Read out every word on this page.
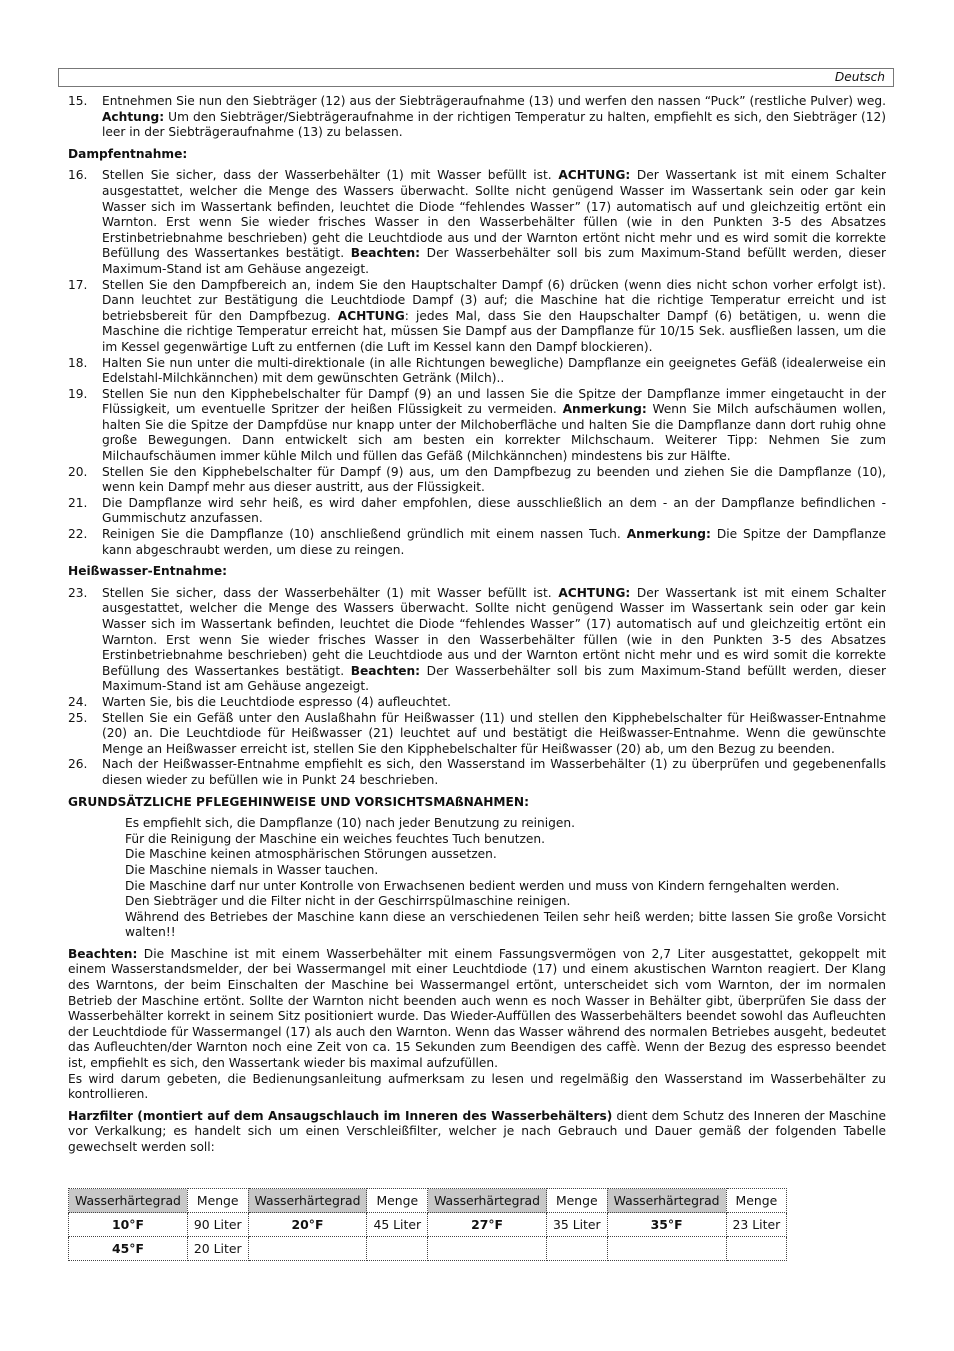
Deutsch
15.	Entnehmen Sie nun den Siebträger (12) aus der Siebträgeraufnahme (13) und werfen den nassen “Puck” (restliche Pulver) weg. Achtung: Um den Siebträger/Siebträgeraufnahme in der richtigen Temperatur zu halten, empfiehlt es sich, den Siebträger (12) leer in der Siebträgeraufnahme (13) zu belassen.
Dampfentnahme:
16.	Stellen Sie sicher, dass der Wasserbehälter (1) mit Wasser befüllt ist. ACHTUNG: Der Wassertank ist mit einem Schalter ausgestattet, welcher die Menge des Wassers überwacht. Sollte nicht genügend Wasser im Wassertank sein oder gar kein Wasser sich im Wassertank befinden, leuchtet die Diode “fehlendes Wasser” (17) automatisch auf und gleichzeitig ertönt ein Warnton. Erst wenn Sie wieder frisches Wasser in den Wasserbehälter füllen (wie in den Punkten 3-5 des Absatzes Erstinbetriebnahme beschrieben) geht die Leuchtdiode aus und der Warnton ertönt nicht mehr und es wird somit die korrekte Befüllung des Wassertankes bestätigt. Beachten: Der Wasserbehälter soll bis zum Maximum-Stand befüllt werden, dieser Maximum-Stand ist am Gehäuse angezeigt.
17.	Stellen Sie den Dampfbereich an, indem Sie den Hauptschalter Dampf (6) drücken (wenn dies nicht schon vorher erfolgt ist). Dann leuchtet zur Bestätigung die Leuchtdiode Dampf (3) auf; die Maschine hat die richtige Temperatur erreicht und ist betriebsbereit für den Dampfbezug. ACHTUNG: jedes Mal, dass Sie den Haupschalter Dampf (6) betätigen, u. wenn die Maschine die richtige Temperatur erreicht hat, müssen Sie Dampf aus der Dampflanze für 10/15 Sek. ausfließen lassen, um die im Kessel gegenwärtige Luft zu entfernen (die Luft im Kessel kann den Dampf blockieren).
18.	Halten Sie nun unter die multi-direktionale (in alle Richtungen bewegliche) Dampflanze ein geeignetes Gefäß (idealerweise ein Edelstahl-Milchkännchen) mit dem gewünschten Getränk (Milch)..
19.	Stellen Sie nun den Kipphebelschalter für Dampf (9) an und lassen Sie die Spitze der Dampflanze immer eingetaucht in der Flüssigkeit, um eventuelle Spritzer der heißen Flüssigkeit zu vermeiden. Anmerkung: Wenn Sie Milch aufschäumen wollen, halten Sie die Spitze der Dampfdüse nur knapp unter der Milchoberfläche und halten Sie die Dampflanze dann dort ruhig ohne große Bewegungen. Dann entwickelt sich am besten ein korrekter Milchschaum. Weiterer Tipp: Nehmen Sie zum Milchaufschäumen immer kühle Milch und füllen das Gefäß (Milchkännchen) mindestens bis zur Hälfte.
20.	Stellen Sie den Kipphebelschalter für Dampf (9) aus, um den Dampfbezug zu beenden und ziehen Sie die Dampflanze (10), wenn kein Dampf mehr aus dieser austritt, aus der Flüssigkeit.
21.	Die Dampflanze wird sehr heiß, es wird daher empfohlen, diese ausschließlich an dem - an der Dampflanze befindlichen - Gummischutz anzufassen.
22.	Reinigen Sie die Dampflanze (10) anschließend gründlich mit einem nassen Tuch. Anmerkung: Die Spitze der Dampflanze kann abgeschraubt werden, um diese zu reingen.
Heißwasser-Entnahme:
23.	Stellen Sie sicher, dass der Wasserbehälter (1) mit Wasser befüllt ist. ACHTUNG: Der Wassertank ist mit einem Schalter ausgestattet, welcher die Menge des Wassers überwacht. Sollte nicht genügend Wasser im Wassertank sein oder gar kein Wasser sich im Wassertank befinden, leuchtet die Diode “fehlendes Wasser” (17) automatisch auf und gleichzeitig ertönt ein Warnton. Erst wenn Sie wieder frisches Wasser in den Wasserbehälter füllen (wie in den Punkten 3-5 des Absatzes Erstinbetriebnahme beschrieben) geht die Leuchtdiode aus und der Warnton ertönt nicht mehr und es wird somit die korrekte Befüllung des Wassertankes bestätigt. Beachten: Der Wasserbehälter soll bis zum Maximum-Stand befüllt werden, dieser Maximum-Stand ist am Gehäuse angezeigt.
24.	Warten Sie, bis die Leuchtdiode espresso (4) aufleuchtet.
25.	Stellen Sie ein Gefäß unter den Auslaßhahn für Heißwasser (11) und stellen den Kipphebelschalter für Heißwasser-Entnahme (20) an. Die Leuchtdiode für Heißwasser (21) leuchtet auf und bestätigt die Heißwasser-Entnahme. Wenn die gewünschte Menge an Heißwasser erreicht ist, stellen Sie den Kipphebelschalter für Heißwasser (20) ab, um den Bezug zu beenden.
26.	Nach der Heißwasser-Entnahme empfiehlt es sich, den Wasserstand im Wasserbehälter (1) zu überprüfen und gegebenenfalls diesen wieder zu befüllen wie in Punkt 24 beschrieben.
GRUNDSÄTZLICHE PFLEGEHINWEISE UND VORSICHTSMAßNAHMEN:
Es empfiehlt sich, die Dampflanze (10) nach jeder Benutzung zu reinigen.
Für die Reinigung der Maschine ein weiches feuchtes Tuch benutzen.
Die Maschine keinen atmosphärischen Störungen aussetzen.
Die Maschine niemals in Wasser tauchen.
Die Maschine darf nur unter Kontrolle von Erwachsenen bedient werden und muss von Kindern ferngehalten werden.
Den Siebträger und die Filter nicht in der Geschirrspülmaschine reinigen.
Während des Betriebes der Maschine kann diese an verschiedenen Teilen sehr heiß werden; bitte lassen Sie große Vorsicht walten!!

Beachten: Die Maschine ist mit einem Wasserbehälter mit einem Fassungsvermögen von 2,7 Liter ausgestattet, gekoppelt mit einem Wasserstandsmelder, der bei Wassermangel mit einer Leuchtdiode (17) und einem akustischen Warnton reagiert. Der Klang des Warntons, der beim Einschalten der Maschine bei Wassermangel ertönt, unterscheidet sich vom Warnton, der im normalen Betrieb der Maschine ertönt. Sollte der Warnton nicht beenden auch wenn es noch Wasser in Behälter gibt, überprüfen Sie dass der Wasserbehälter korrekt in seinem Sitz positioniert wurde. Das Wieder-Auffüllen des Wasserbehälters beendet sowohl das Aufleuchten der Leuchtdiode für Wassermangel (17) als auch den Warnton. Wenn das Wasser während des normalen Betriebes ausgeht, bedeutet das Aufleuchten/der Warnton noch eine Zeit von ca. 15 Sekunden zum Beendigen des caffè. Wenn der Bezug des espresso beendet ist, empfiehlt es sich, den Wassertank wieder bis maximal aufzufüllen.

Es wird darum gebeten, die Bedienungsanleitung aufmerksam zu lesen und regelmäßig den Wasserstand im Wasserbehälter zu kontrollieren.

Harzfilter (montiert auf dem Ansaugschlauch im Inneren des Wasserbehälters) dient dem Schutz des Inneren der Maschine vor Verkalkung; es handelt sich um einen Verschleißfilter, welcher je nach Gebrauch und Dauer gemäß der folgenden Tabelle gewechselt werden soll:

Wasserhärtegrad	Menge	Wasserhärtegrad	Menge	Wasserhärtegrad	Menge	Wasserhärtegrad	Menge
10°F	90 Liter	20°F	45 Liter	27°F	35 Liter	35°F	23 Liter
45°F	20 Liter						
